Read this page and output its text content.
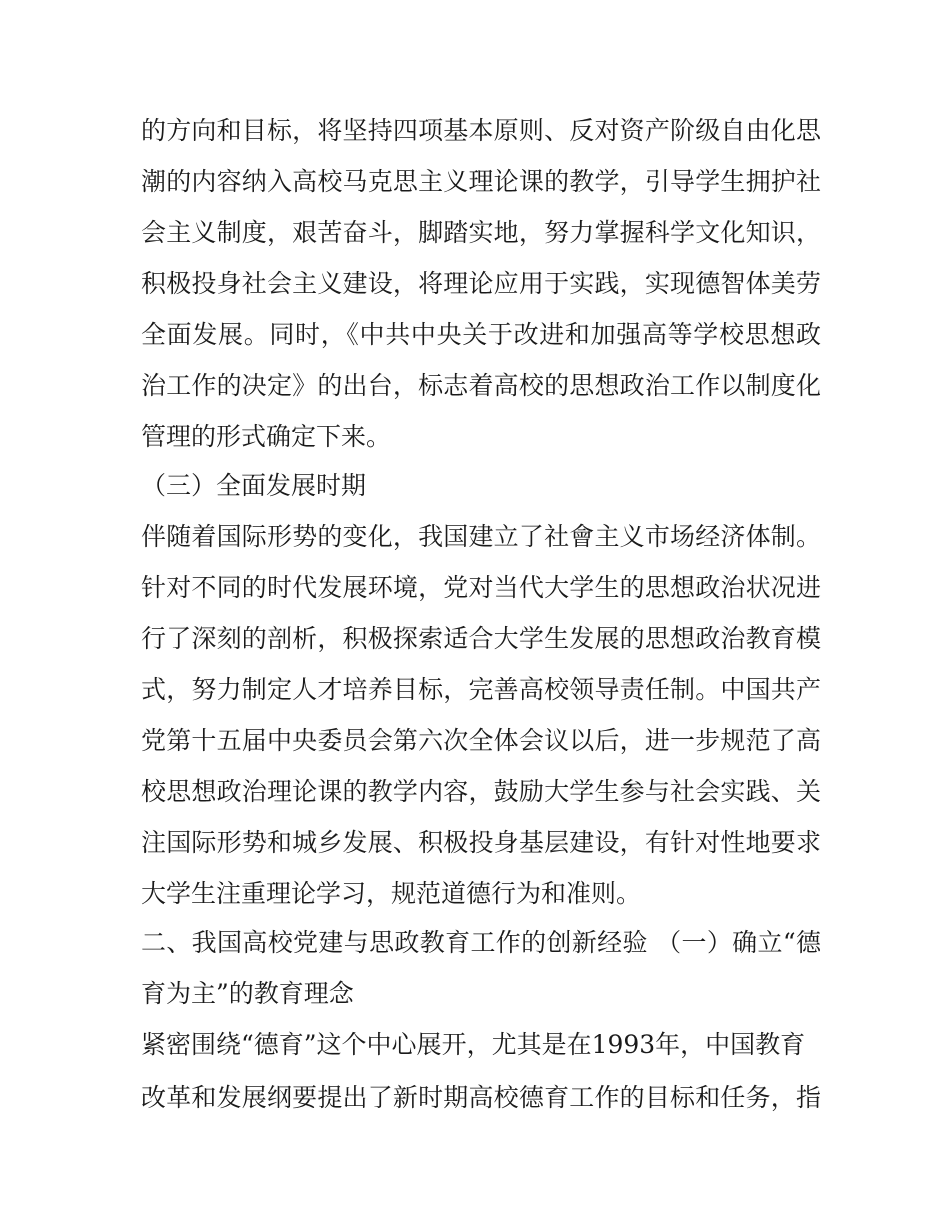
的方向和目标，将坚持四项基本原则、反对资产阶级自由化思
潮的内容纳入高校马克思主义理论课的教学，引导学生拥护社
会主义制度，艰苦奋斗，脚踏实地，努力掌握科学文化知识，
积极投身社会主义建设，将理论应用于实践，实现德智体美劳
全面发展。同时，《中共中央关于改进和加强高等学校思想政
治工作的决定》的出台，标志着高校的思想政治工作以制度化
管理的形式确定下来。
（三）全面发展时期
伴随着国际形势的变化，我国建立了社會主义市场经济体制。
针对不同的时代发展环境，党对当代大学生的思想政治状况进
行了深刻的剖析，积极探索适合大学生发展的思想政治教育模
式，努力制定人才培养目标，完善高校领导责任制。中国共产
党第十五届中央委员会第六次全体会议以后，进一步规范了高
校思想政治理论课的教学内容，鼓励大学生参与社会实践、关
注国际形势和城乡发展、积极投身基层建设，有针对性地要求
大学生注重理论学习，规范道德行为和准则。
二、我国高校党建与思政教育工作的创新经验 （一）确立“德
育为主”的教育理念
紧密围绕“德育”这个中心展开，尤其是在1993年，中国教育
改革和发展纲要提出了新时期高校德育工作的目标和任务，指
